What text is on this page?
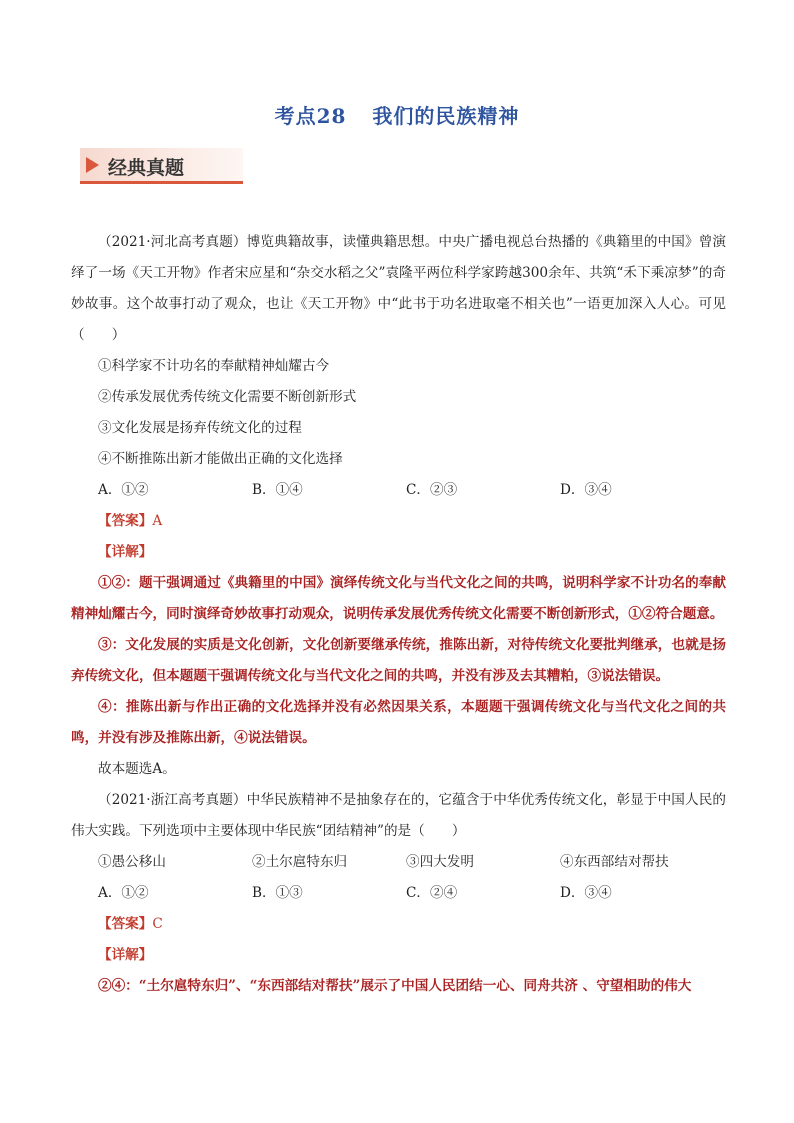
考点28 我们的民族精神
经典真题

（2021·河北高考真题）博览典籍故事，读懂典籍思想。中央广播电视总台热播的《典籍里的中国》曾演绎了一场《天工开物》作者宋应星和“杂交水稻之父”袁隆平两位科学家跨越300余年、共筑“禾下乘凉梦”的奇妙故事。这个故事打动了观众，也让《天工开物》中“此书于功名进取毫不相关也”一语更加深入人心。可见（　　）

①科学家不计功名的奉献精神灿耀古今

②传承发展优秀传统文化需要不断创新形式

③文化发展是扬弃传统文化的过程

④不断推陈出新才能做出正确的文化选择

A．①②	B．①④	C．②③	D．③④

【答案】A

【详解】

①②：题干强调通过《典籍里的中国》演绎传统文化与当代文化之间的共鸣，说明科学家不计功名的奉献精神灿耀古今，同时演绎奇妙故事打动观众，说明传承发展优秀传统文化需要不断创新形式，①②符合题意。

③：文化发展的实质是文化创新，文化创新要继承传统，推陈出新，对待传统文化要批判继承，也就是扬弃传统文化，但本题题干强调传统文化与当代文化之间的共鸣，并没有涉及去其糟粕，③说法错误。

④：推陈出新与作出正确的文化选择并没有必然因果关系，本题题干强调传统文化与当代文化之间的共鸣，并没有涉及推陈出新，④说法错误。

故本题选A。

（2021·浙江高考真题）中华民族精神不是抽象存在的，它蕴含于中华优秀传统文化，彰显于中国人民的伟大实践。下列选项中主要体现中华民族“团结精神”的是（　　）

①愚公移山	②土尔扈特东归	③四大发明	④东西部结对帮扶

A．①②	B．①③	C．②④	D．③④

【答案】C

【详解】

②④：“土尔扈特东归”、“东西部结对帮扶”展示了中国人民团结一心、同舟共济 、守望相助的伟大
